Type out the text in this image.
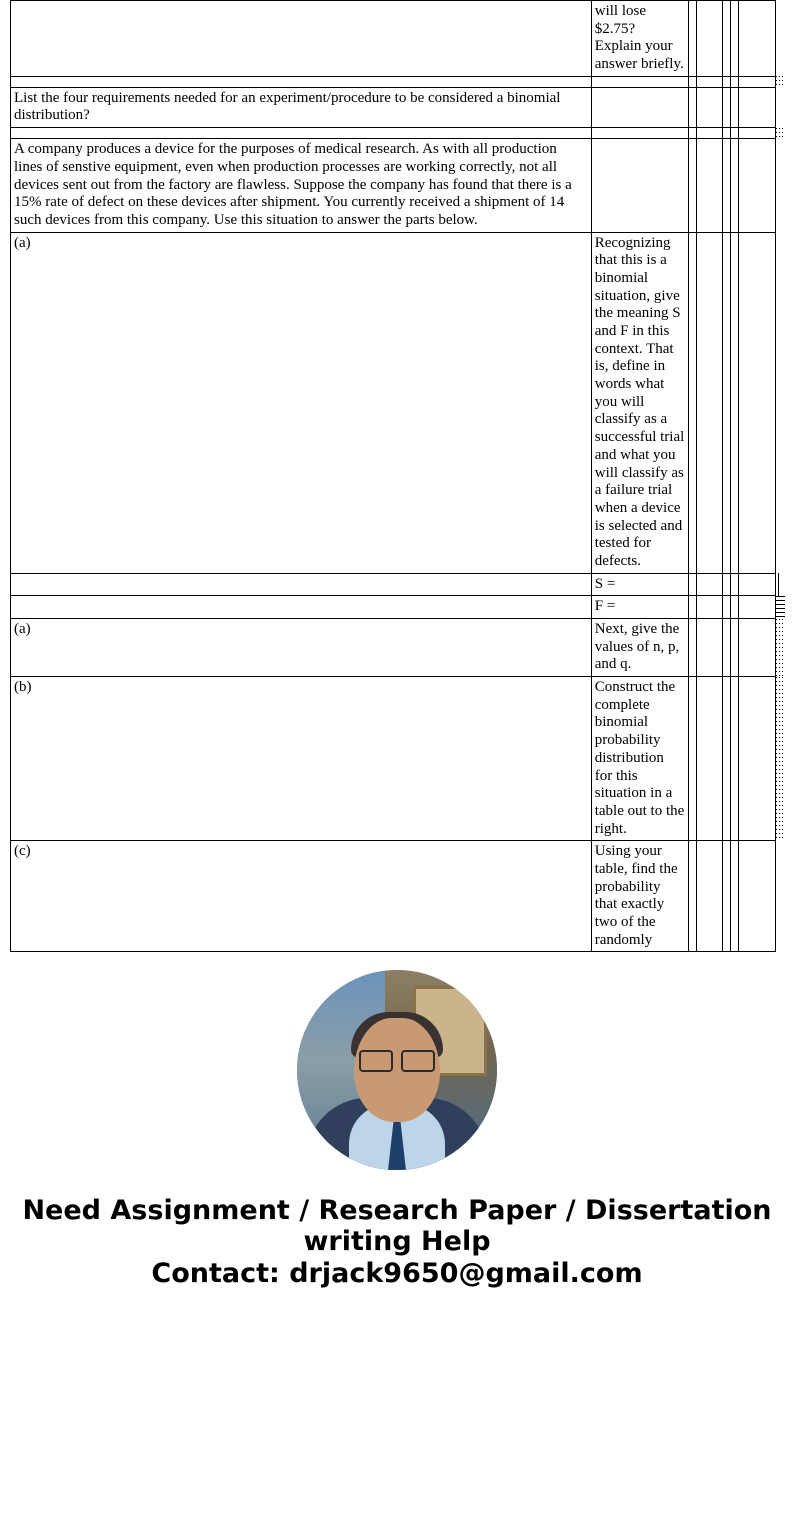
	will lose $2.75? Explain your answer briefly.						

List the four requirements needed for an experiment/procedure to be considered a binomial distribution?							

A company produces a device for the purposes of medical research. As with all production lines of senstive equipment, even when production processes are working correctly, not all devices sent out from the factory are flawless. Suppose the company has found that there is a 15% rate of defect on these devices after shipment. You currently received a shipment of 14 such devices from this company. Use this situation to answer the parts below.							
(a)	Recognizing that this is a binomial situation, give the meaning S and F in this context. That is, define in words what you will classify as a successful trial and what you will classify as a failure trial when a device is selected and tested for defects.						
	S =						

	F =						

(a)	Next, give the values of n, p, and q.						

(b)	Construct the complete binomial probability distribution for this situation in a table out to the right.						

(c)	Using your table, find the probability that exactly two of the randomly						
Need Assignment / Research Paper / Dissertation writing Help
Contact: drjack9650@gmail.com
